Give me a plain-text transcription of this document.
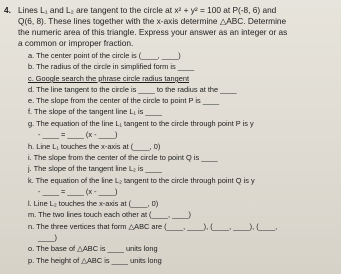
4. Lines L₁ and L₂ are tangent to the circle at x² + y² = 100 at P(-8, 6) and
Q(6, 8). These lines together with the x-axis determine △ABC. Determine
the numeric area of this triangle. Express your answer as an integer or as
a common or improper fraction.
a. The center point of the circle is (____, ____)
b. The radius of the circle in simplified form is ____
c. Google search the phrase circle radius tangent
d. The line tangent to the circle is ____ to the radius at the ____
e. The slope from the center of the circle to point P is ____
f. The slope of the tangent line L₁ is ____
g. The equation of the line L₁ tangent to the circle through point P is y
- ____ = ____ (x - ____)
h. Line L₁ touches the x-axis at (____, 0)
i. The slope from the center of the circle to point Q is ____
j. The slope of the tangent line L₂ is ____
k. The equation of the line L₂ tangent to the circle through point Q is y
- ____ = ____ (x - ____)
l. Line L₂ touches the x-axis at (____, 0)
m. The two lines touch each other at (____, ____)
n. The three vertices that form △ABC are (____, ____), (____, ____), (____,
____)
o. The base of △ABC is ____ units long
p. The height of △ABC is ____ units long
